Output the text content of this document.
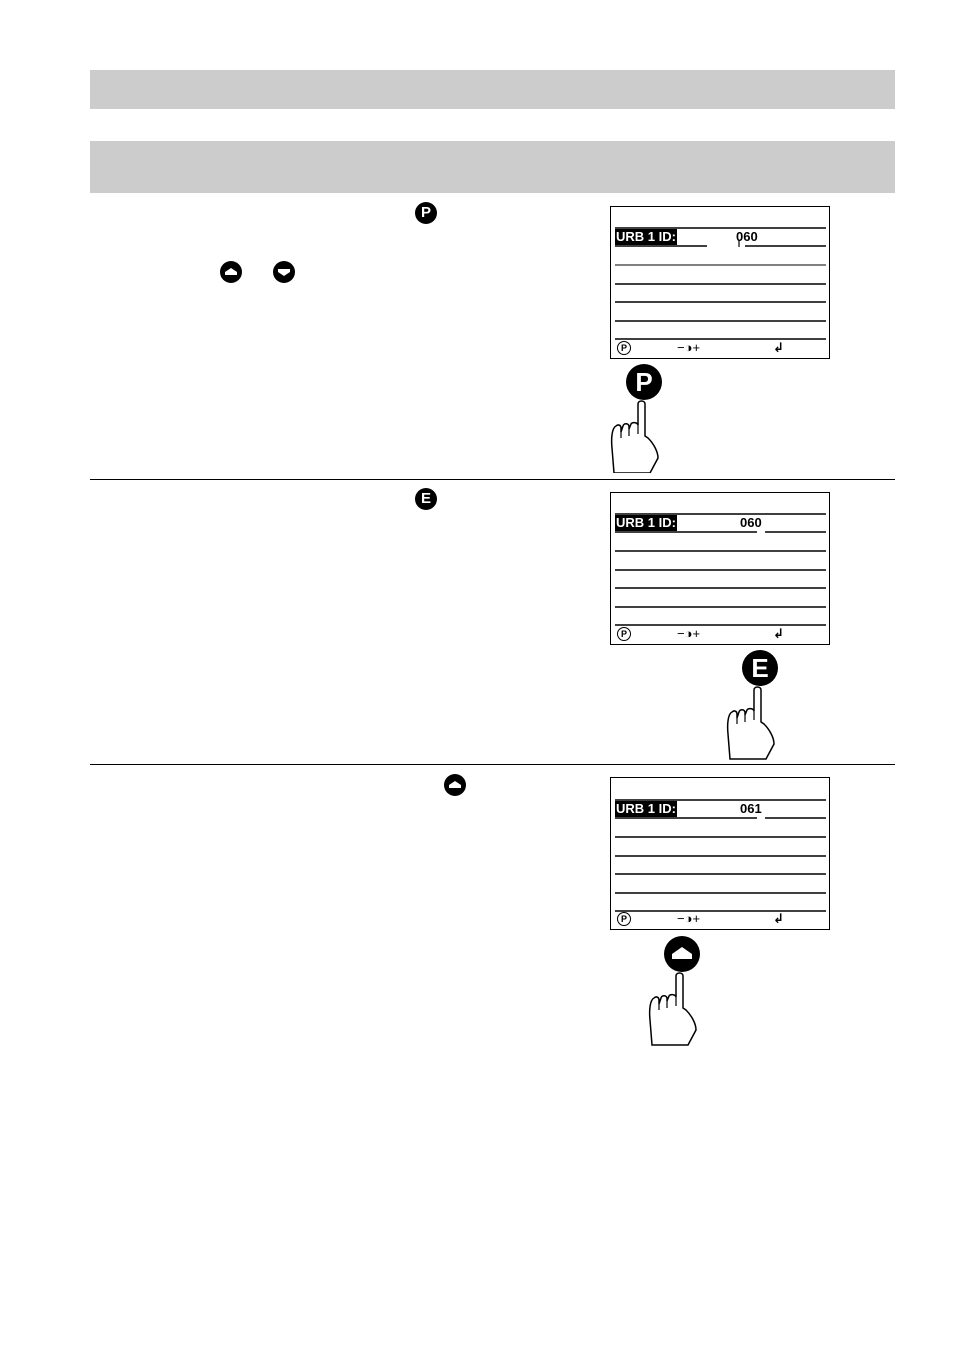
P
URB 1 ID:	060
P	−◑+	↲
P
E
URB 1 ID:	060
P	−◑+	↲
E
URB 1 ID:	061
P	−◑+	↲
